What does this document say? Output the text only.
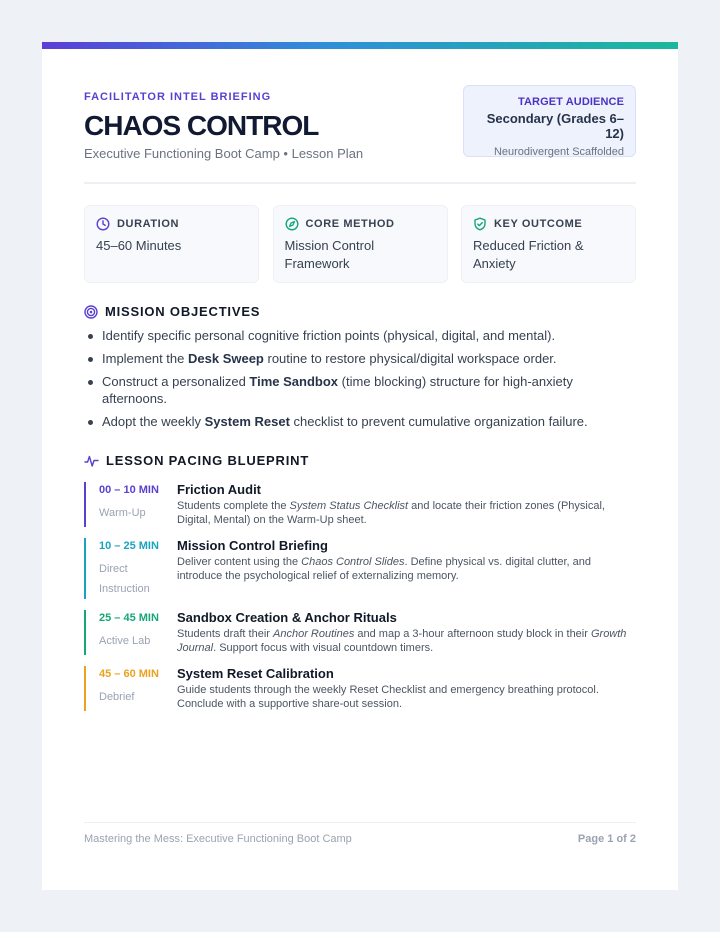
FACILITATOR INTEL BRIEFING
CHAOS CONTROL
Executive Functioning Boot Camp • Lesson Plan
TARGET AUDIENCE
Secondary (Grades 6–12)
Neurodivergent Scaffolded
DURATION
45–60 Minutes
CORE METHOD
Mission Control Framework
KEY OUTCOME
Reduced Friction & Anxiety
MISSION OBJECTIVES
Identify specific personal cognitive friction points (physical, digital, and mental).
Implement the Desk Sweep routine to restore physical/digital workspace order.
Construct a personalized Time Sandbox (time blocking) structure for high-anxiety afternoons.
Adopt the weekly System Reset checklist to prevent cumulative organization failure.
LESSON PACING BLUEPRINT
00 – 10 MIN
Warm-Up
Friction Audit
Students complete the System Status Checklist and locate their friction zones (Physical, Digital, Mental) on the Warm-Up sheet.
10 – 25 MIN
Direct Instruction
Mission Control Briefing
Deliver content using the Chaos Control Slides. Define physical vs. digital clutter, and introduce the psychological relief of externalizing memory.
25 – 45 MIN
Active Lab
Sandbox Creation & Anchor Rituals
Students draft their Anchor Routines and map a 3-hour afternoon study block in their Growth Journal. Support focus with visual countdown timers.
45 – 60 MIN
Debrief
System Reset Calibration
Guide students through the weekly Reset Checklist and emergency breathing protocol. Conclude with a supportive share-out session.
Mastering the Mess: Executive Functioning Boot Camp	Page 1 of 2
